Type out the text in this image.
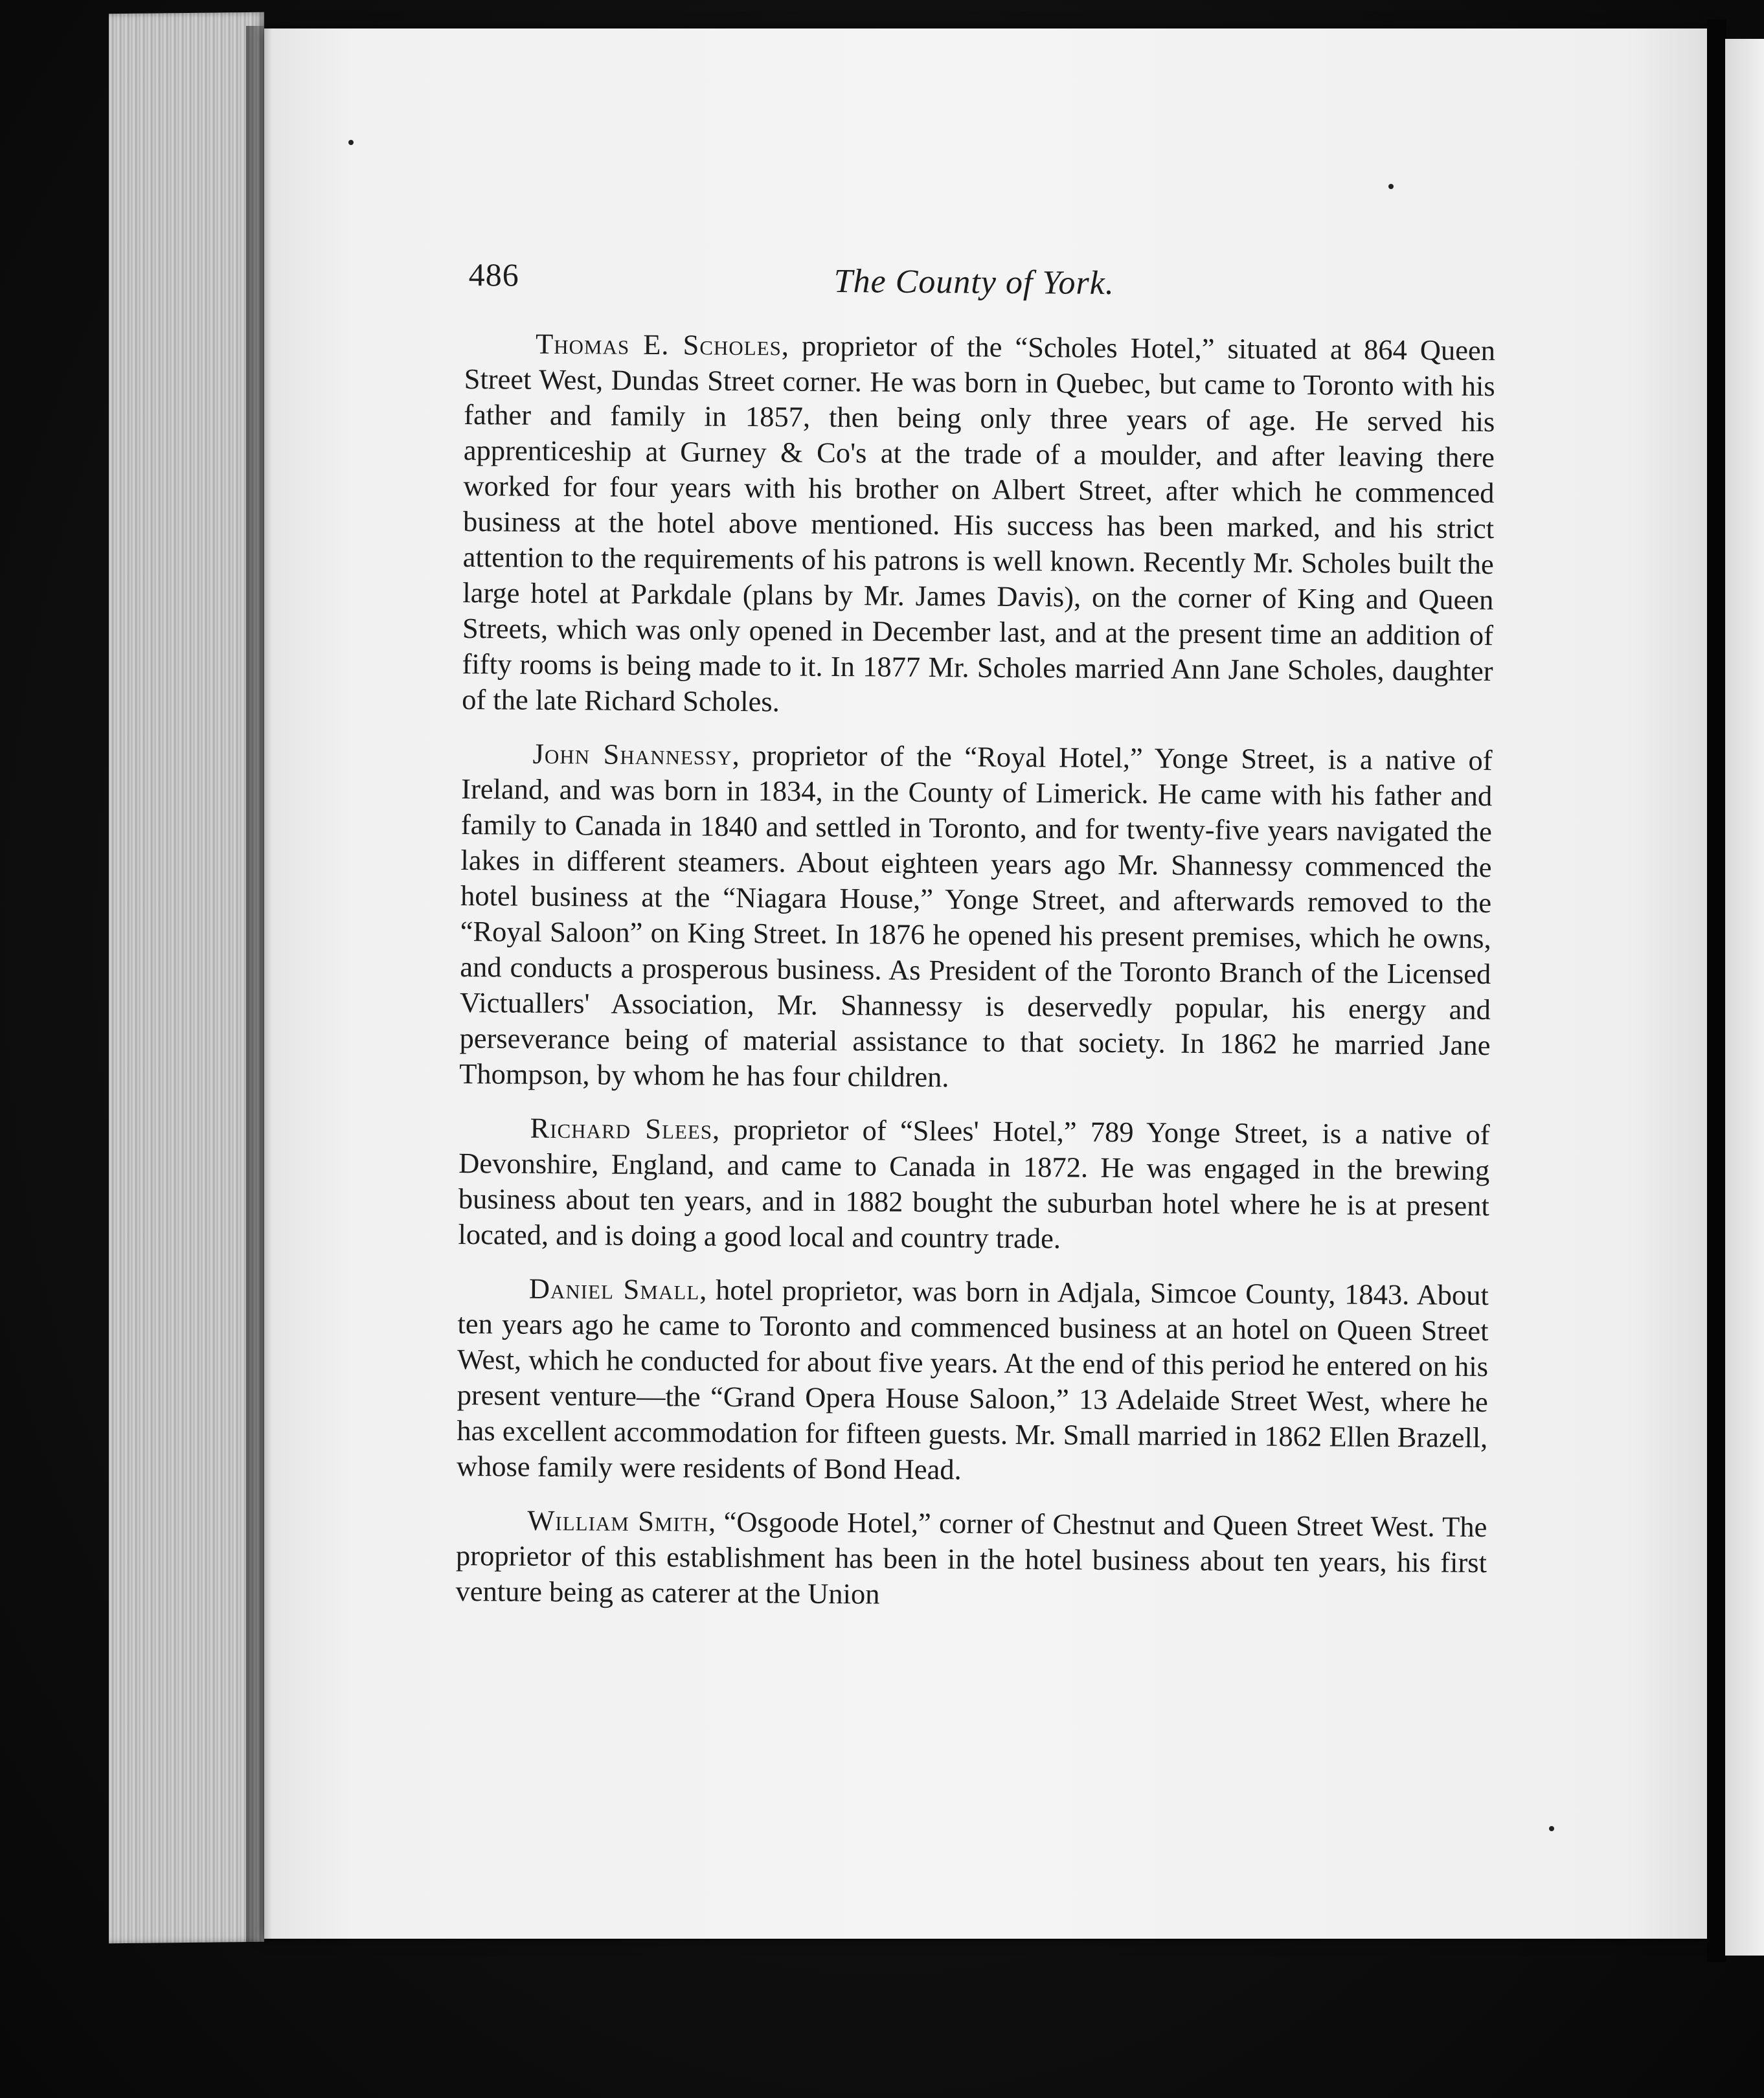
486	The County of York.

Thomas E. Scholes, proprietor of the “Scholes Hotel,” situated at 864 Queen Street West, Dundas Street corner. He was born in Quebec, but came to Toronto with his father and family in 1857, then being only three years of age. He served his apprenticeship at Gurney & Co's at the trade of a moulder, and after leaving there worked for four years with his brother on Albert Street, after which he commenced business at the hotel above mentioned. His success has been marked, and his strict attention to the requirements of his patrons is well known. Recently Mr. Scholes built the large hotel at Parkdale (plans by Mr. James Davis), on the corner of King and Queen Streets, which was only opened in December last, and at the present time an addition of fifty rooms is being made to it. In 1877 Mr. Scholes married Ann Jane Scholes, daughter of the late Richard Scholes.

John Shannessy, proprietor of the “Royal Hotel,” Yonge Street, is a native of Ireland, and was born in 1834, in the County of Limerick. He came with his father and family to Canada in 1840 and settled in Toronto, and for twenty-five years navigated the lakes in different steamers. About eighteen years ago Mr. Shannessy commenced the hotel business at the “Niagara House,” Yonge Street, and afterwards removed to the “Royal Saloon” on King Street. In 1876 he opened his present premises, which he owns, and conducts a prosperous business. As President of the Toronto Branch of the Licensed Victuallers' Association, Mr. Shannessy is deservedly popular, his energy and perseverance being of material assistance to that society. In 1862 he married Jane Thompson, by whom he has four children.

Richard Slees, proprietor of “Slees' Hotel,” 789 Yonge Street, is a native of Devonshire, England, and came to Canada in 1872. He was engaged in the brewing business about ten years, and in 1882 bought the suburban hotel where he is at present located, and is doing a good local and country trade.

Daniel Small, hotel proprietor, was born in Adjala, Simcoe County, 1843. About ten years ago he came to Toronto and commenced business at an hotel on Queen Street West, which he conducted for about five years. At the end of this period he entered on his present venture—the “Grand Opera House Saloon,” 13 Adelaide Street West, where he has excellent accommodation for fifteen guests. Mr. Small married in 1862 Ellen Brazell, whose family were residents of Bond Head.

William Smith, “Osgoode Hotel,” corner of Chestnut and Queen Street West. The proprietor of this establishment has been in the hotel business about ten years, his first venture being as caterer at the Union
